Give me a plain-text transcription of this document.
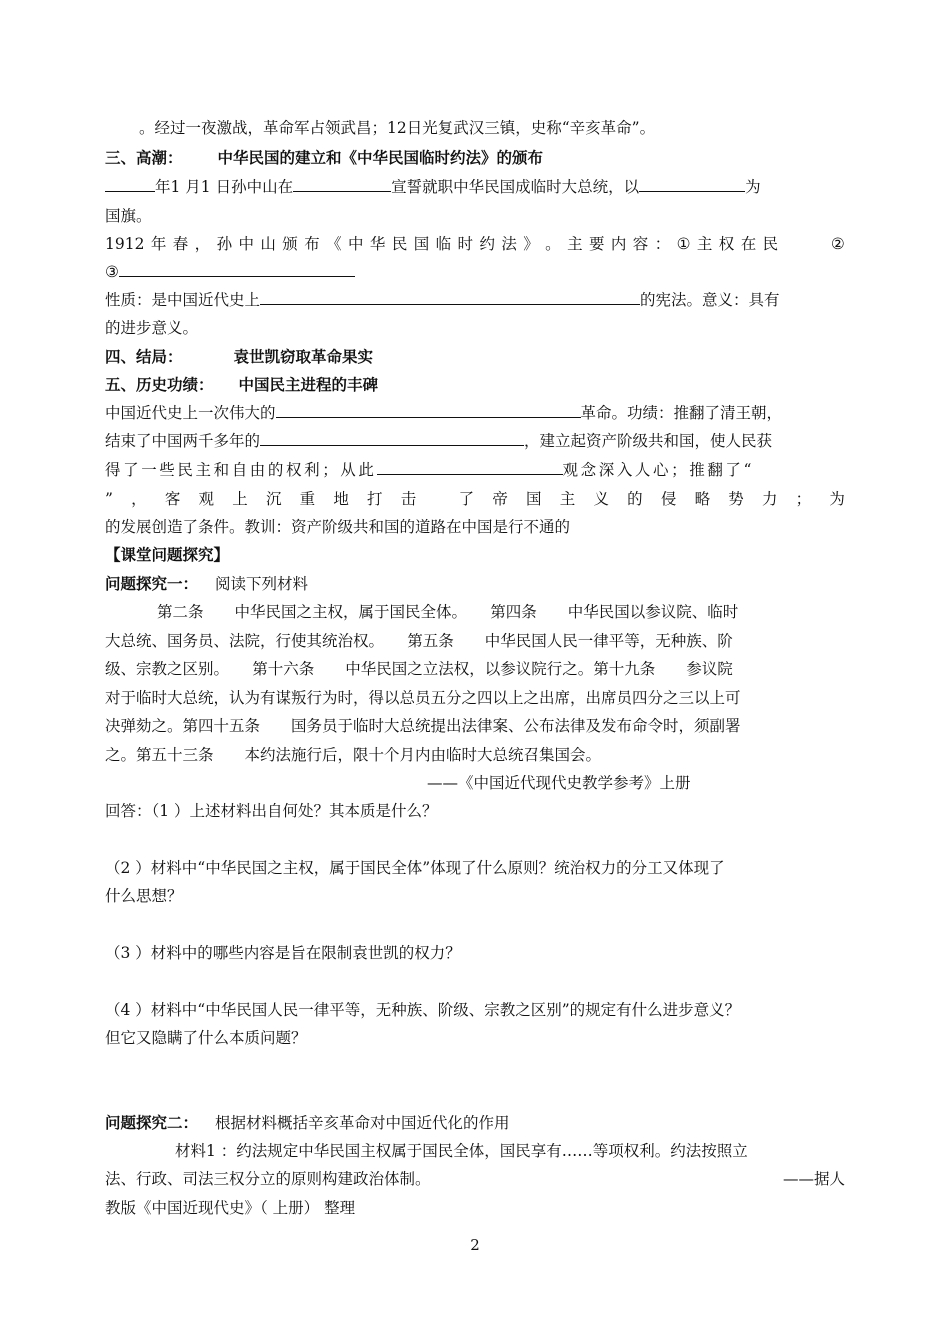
。经过一夜激战，革命军占领武昌；12日光复武汉三镇，史称“辛亥革命”。
三、高潮： 中华民国的建立和《中华民国临时约法》的颁布
年1 月1 日孙中山在	宣誓就职中华民国成临时大总统，以	为
国旗。
1912 年 春 ， 孙 中 山 颁 布 《 中 华 民 国 临 时 约 法 》 。 主 要 内 容 ： ① 主 权 在 民	②
③
性质：是中国近代史上	的宪法。意义：具有
的进步意义。
四、结局：	袁世凯窃取革命果实
五、历史功绩： 中国民主进程的丰碑
中国近代史上一次伟大的	革命。功绩：推翻了清王朝，
结束了中国两千多年的	，建立起资产阶级共和国，使人民获
得了一些民主和自由的权利；从此	观念深入人心；推翻了“
” ， 客 观 上 沉 重 地 打 击	了 帝 国 主 义 的 侵 略 势 力 ； 为
的发展创造了条件。教训：资产阶级共和国的道路在中国是行不通的
【课堂问题探究】
问题探究一： 阅读下列材料
第二条　　中华民国之主权，属于国民全体。　　第四条　　中华民国以参议院、临时
大总统、国务员、法院，行使其统治权。　　第五条　　中华民国人民一律平等，无种族、阶
级、宗教之区别。　　第十六条　　中华民国之立法权，以参议院行之。第十九条　　参议院
对于临时大总统，认为有谋叛行为时，得以总员五分之四以上之出席，出席员四分之三以上可
决弹劾之。第四十五条　　国务员于临时大总统提出法律案、公布法律及发布命令时，须副署
之。第五十三条　　本约法施行后，限十个月内由临时大总统召集国会。
——《中国近代现代史教学参考》上册
回答：（1 ）上述材料出自何处？其本质是什么？
（2 ）材料中“中华民国之主权，属于国民全体”体现了什么原则？统治权力的分工又体现了
什么思想？
（3 ）材料中的哪些内容是旨在限制袁世凯的权力？
（4 ）材料中“中华民国人民一律平等，无种族、阶级、宗教之区别”的规定有什么进步意义？
但它又隐瞒了什么本质问题？
问题探究二： 根据材料概括辛亥革命对中国近代化的作用
材料1 ：约法规定中华民国主权属于国民全体，国民享有……等项权利。约法按照立
法、行政、司法三权分立的原则构建政治体制。	——据人
教版《中国近现代史》（ 上册） 整理
2
